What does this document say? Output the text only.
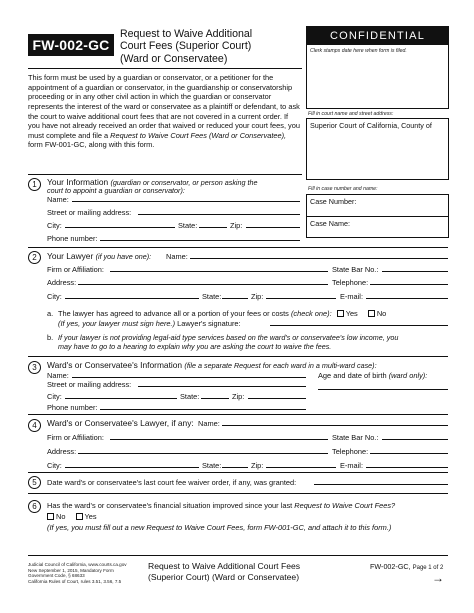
FW-002-GC
Request to Waive Additional
Court Fees (Superior Court)
(Ward or Conservatee)
CONFIDENTIAL
Clerk stamps date here when form is filed.
Fill in court name and street address:
Superior Court of California, County of
Fill in case number and name:
Case Number:
Case Name:
This form must be used by a guardian or conservator, or a petitioner for the appointment of a guardian or conservator, in the guardianship or conservatorship proceeding or in any other civil action in which the guardian or conservator represents the interest of the ward or conservatee as a plaintiff or defendant, to ask the court to waive additional court fees that are not covered in a current order. If you have not already received an order that waived or reduced your court fees, you must complete and file a Request to Waive Court Fees (Ward or Conservatee), form FW-001-GC, along with this form.
1	Your Information (guardian or conservator, or person asking the
court to appoint a guardian or conservator):
Name:
Street or mailing address:
City:	State:	Zip:
Phone number:
2	Your Lawyer (if you have one): Name:
Firm or Affiliation:	State Bar No.:
Address:	Telephone:
City:	State:	Zip:	E-mail:
a. The lawyer has agreed to advance all or a portion of your fees or costs (check one): Yes	No
(If yes, your lawyer must sign here.) Lawyer's signature:
b. If your lawyer is not providing legal-aid type services based on the ward's or conservatee's low income, you
may have to go to a hearing to explain why you are asking the court to waive the fees.
3	Ward's or Conservatee's Information (file a separate Request for each ward in a multi-ward case):
Name:	Age and date of birth (ward only):
Street or mailing address:
City:	State:	Zip:
Phone number:
4	Ward's or Conservatee's Lawyer, if any: Name:
Firm or Affiliation:	State Bar No.:
Address:	Telephone:
City:	State:	Zip:	E-mail:
5	Date ward's or conservatee's last court fee waiver order, if any, was granted:
6	Has the ward's or conservatee's financial situation improved since your last Request to Waive Court Fees?
No	Yes
(If yes, you must fill out a new Request to Waive Court Fees, form FW-001-GC, and attach it to this form.)
Judicial Council of California, www.courts.ca.gov
New September 1, 2015, Mandatory Form
Government Code, § 68633
California Rules of Court, rules 3.51, 3.56, 7.5
Request to Waive Additional Court Fees
(Superior Court) (Ward or Conservatee)
FW-002-GC, Page 1 of 2
→
